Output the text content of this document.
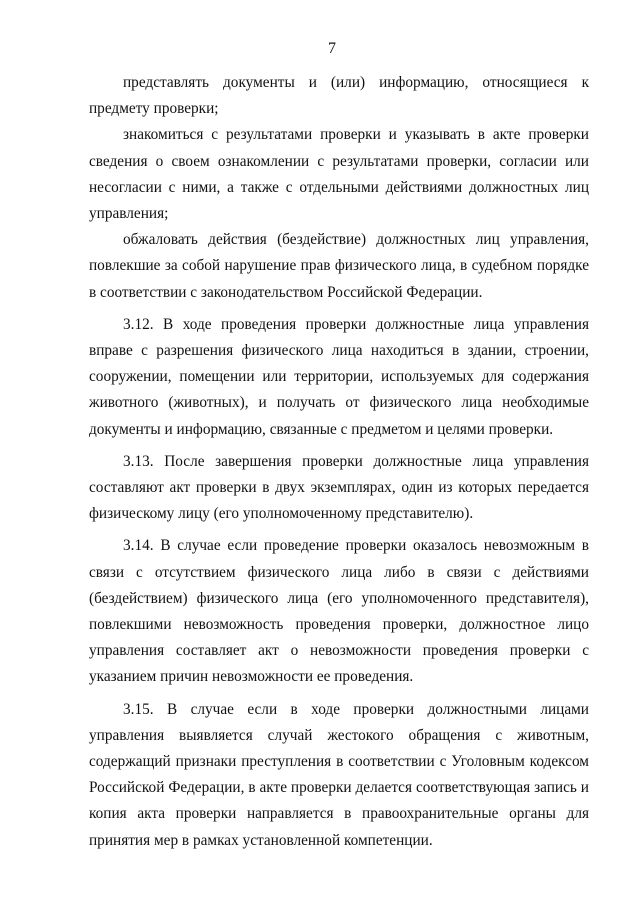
7

представлять документы и (или) информацию, относящиеся к предмету проверки;

знакомиться с результатами проверки и указывать в акте проверки сведения о своем ознакомлении с результатами проверки, согласии или несогласии с ними, а также с отдельными действиями должностных лиц управления;

обжаловать действия (бездействие) должностных лиц управления, повлекшие за собой нарушение прав физического лица, в судебном порядке в соответствии с законодательством Российской Федерации.

3.12. В ходе проведения проверки должностные лица управления вправе с разрешения физического лица находиться в здании, строении, сооружении, помещении или территории, используемых для содержания животного (животных), и получать от физического лица необходимые документы и информацию, связанные с предметом и целями проверки.

3.13. После завершения проверки должностные лица управления составляют акт проверки в двух экземплярах, один из которых передается физическому лицу (его уполномоченному представителю).

3.14. В случае если проведение проверки оказалось невозможным в связи с отсутствием физического лица либо в связи с действиями (бездействием) физического лица (его уполномоченного представителя), повлекшими невозможность проведения проверки, должностное лицо управления составляет акт о невозможности проведения проверки с указанием причин невозможности ее проведения.

3.15. В случае если в ходе проверки должностными лицами управления выявляется случай жестокого обращения с животным, содержащий признаки преступления в соответствии с Уголовным кодексом Российской Федерации, в акте проверки делается соответствующая запись и копия акта проверки направляется в правоохранительные органы для принятия мер в рамках установленной компетенции.
